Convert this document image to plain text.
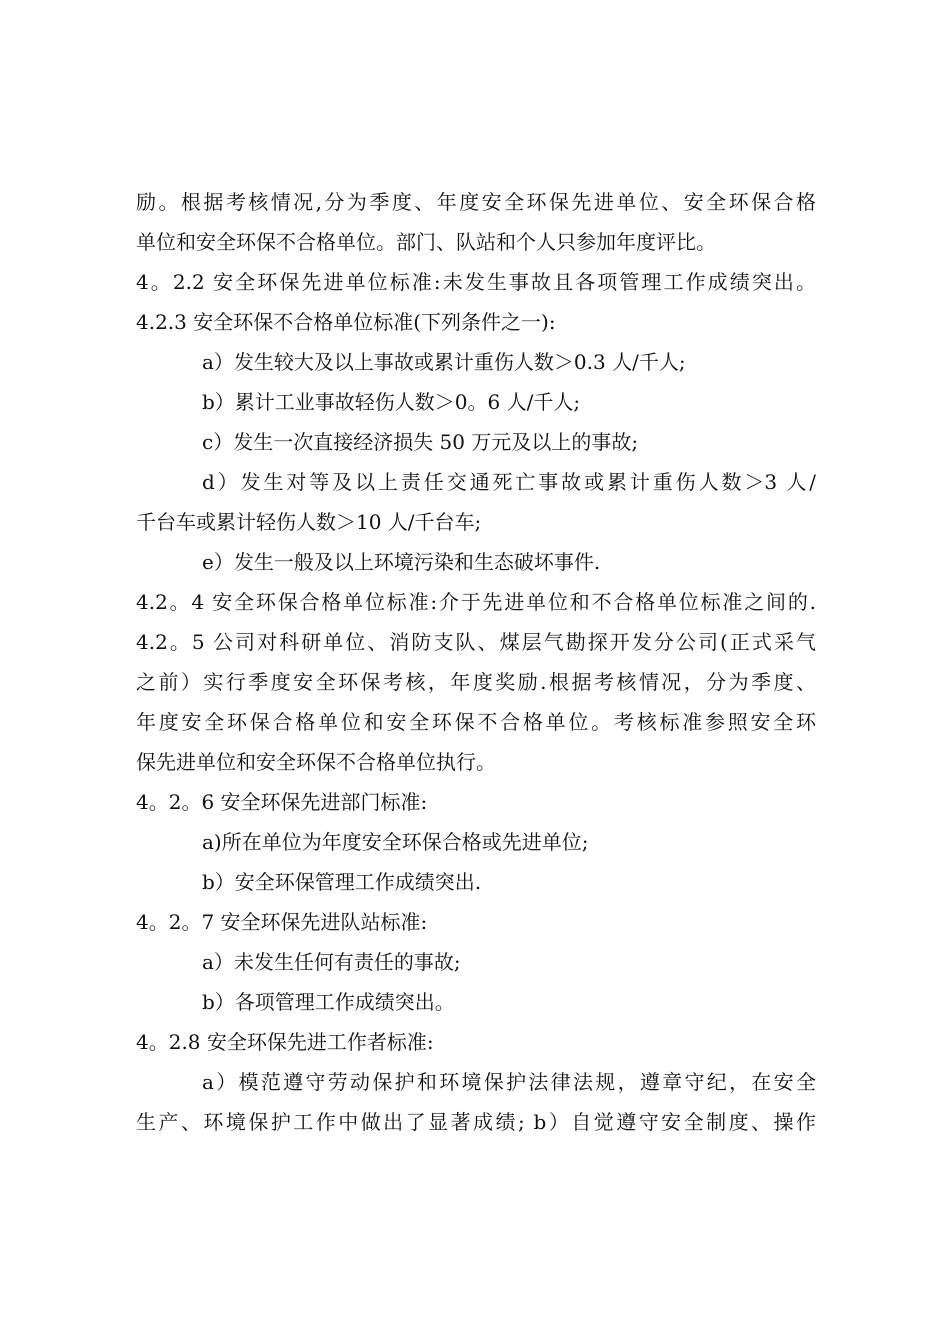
励。根据考核情况,分为季度、年度安全环保先进单位、安全环保合格
单位和安全环保不合格单位。部门、队站和个人只参加年度评比。
4。2.2 安全环保先进单位标准:未发生事故且各项管理工作成绩突出。
4.2.3 安全环保不合格单位标准(下列条件之一):
a）发生较大及以上事故或累计重伤人数＞0.3 人/千人;
b）累计工业事故轻伤人数＞0。6 人/千人;
c）发生一次直接经济损失 50 万元及以上的事故;
d）发生对等及以上责任交通死亡事故或累计重伤人数＞3 人/
千台车或累计轻伤人数＞10 人/千台车;
e）发生一般及以上环境污染和生态破坏事件.
4.2。4 安全环保合格单位标准:介于先进单位和不合格单位标准之间的.
4.2。5 公司对科研单位、消防支队、煤层气勘探开发分公司(正式采气
之前）实行季度安全环保考核，年度奖励.根据考核情况，分为季度、
年度安全环保合格单位和安全环保不合格单位。考核标准参照安全环
保先进单位和安全环保不合格单位执行。
4。2。6 安全环保先进部门标准:
a)所在单位为年度安全环保合格或先进单位;
b）安全环保管理工作成绩突出.
4。2。7 安全环保先进队站标准:
a）未发生任何有责任的事故;
b）各项管理工作成绩突出。
4。2.8 安全环保先进工作者标准:
a）模范遵守劳动保护和环境保护法律法规，遵章守纪，在安全
生产、环境保护工作中做出了显著成绩; b）自觉遵守安全制度、操作
